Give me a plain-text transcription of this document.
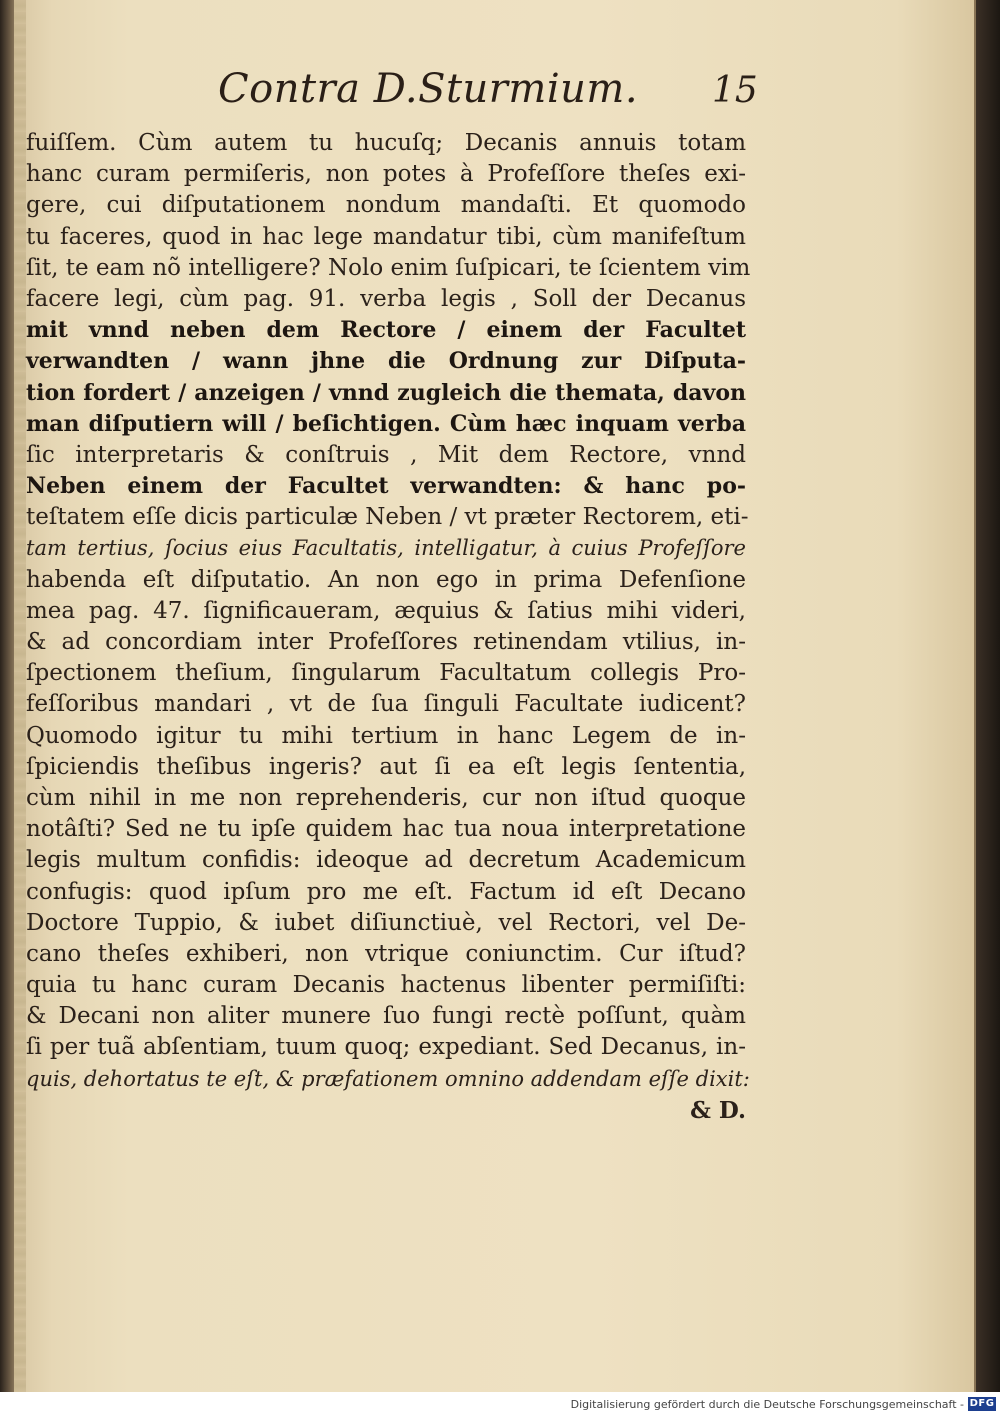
Contra D.Sturmium. 15
fuiſſem. Cùm autem tu hucuſq; Decanis annuis totam
hanc curam permiſeris, non potes à Profeſſore theſes exi-
gere, cui diſputationem nondum mandaſti. Et quomodo
tu faceres, quod in hac lege mandatur tibi, cùm manifeſtum
ſit, te eam nõ intelligere? Nolo enim ſuſpicari, te ſcientem vim
facere legi, cùm pag. 91. verba legis , Soll der Decanus
mit vnnd neben dem Rectore / einem der Facultet
verwandten / wann jhne die Ordnung zur Diſputa-
tion fordert / anzeigen / vnnd zugleich die themata, davon
man diſputiern will / beſichtigen. Cùm hæc inquam verba
ſic interpretaris & conſtruis , Mit dem Rectore, vnnd
Neben einem der Facultet verwandten: & hanc po-
teſtatem eſſe dicis particulæ Neben / vt præter Rectorem, eti-
tam tertius, ſocius eius Facultatis, intelligatur, à cuius Profeſſore
habenda eſt diſputatio. An non ego in prima Defenſione
mea pag. 47. ſignificaueram, æquius & ſatius mihi videri,
& ad concordiam inter Profeſſores retinendam vtilius, in-
ſpectionem theſium, ſingularum Facultatum collegis Pro-
feſſoribus mandari , vt de ſua ſinguli Facultate iudicent?
Quomodo igitur tu mihi tertium in hanc Legem de in-
ſpiciendis theſibus ingeris? aut ſi ea eſt legis ſententia,
cùm nihil in me non reprehenderis, cur non iſtud quoque
notâſti? Sed ne tu ipſe quidem hac tua noua interpretatione
legis multum confidis: ideoque ad decretum Academicum
confugis: quod ipſum pro me eſt. Factum id eſt Decano
Doctore Tuppio, & iubet diſiunctiuè, vel Rectori, vel De-
cano theſes exhiberi, non vtrique coniunctim. Cur iſtud?
quia tu hanc curam Decanis hactenus libenter permiſiſti:
& Decani non aliter munere ſuo fungi rectè poſſunt, quàm
ſi per tuã abſentiam, tuum quoq; expediant. Sed Decanus, in-
quis, dehortatus te eſt, & præfationem omnino addendam eſſe dixit:
& D.
Digitalisierung gefördert durch die Deutsche Forschungsgemeinschaft - DFG
